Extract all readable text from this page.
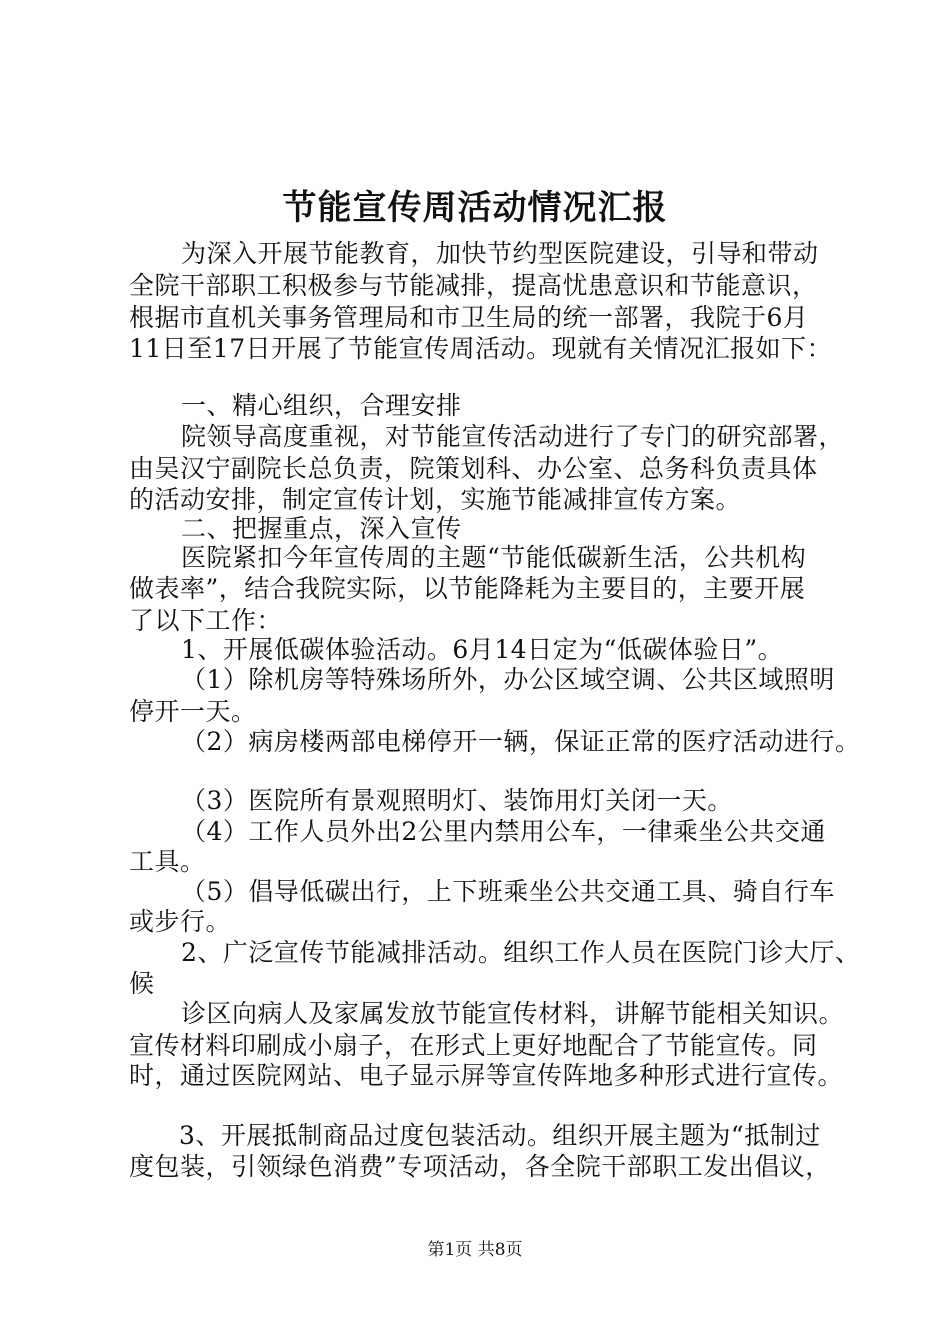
节能宣传周活动情况汇报
为深入开展节能教育，加快节约型医院建设，引导和带动
全院干部职工积极参与节能减排，提高忧患意识和节能意识，
根据市直机关事务管理局和市卫生局的统一部署，我院于6月
11日至17日开展了节能宣传周活动。现就有关情况汇报如下：
一、精心组织，合理安排
院领导高度重视，对节能宣传活动进行了专门的研究部署，
由吴汉宁副院长总负责，院策划科、办公室、总务科负责具体
的活动安排，制定宣传计划，实施节能减排宣传方案。
二、把握重点，深入宣传
医院紧扣今年宣传周的主题“节能低碳新生活，公共机构
做表率”，结合我院实际，以节能降耗为主要目的，主要开展
了以下工作：
1、开展低碳体验活动。6月14日定为“低碳体验日”。
（1）除机房等特殊场所外，办公区域空调、公共区域照明
停开一天。
（2）病房楼两部电梯停开一辆，保证正常的医疗活动进行。
（3）医院所有景观照明灯、装饰用灯关闭一天。
（4）工作人员外出2公里内禁用公车，一律乘坐公共交通
工具。
（5）倡导低碳出行，上下班乘坐公共交通工具、骑自行车
或步行。
2、广泛宣传节能减排活动。组织工作人员在医院门诊大厅、
候
诊区向病人及家属发放节能宣传材料，讲解节能相关知识。
宣传材料印刷成小扇子，在形式上更好地配合了节能宣传。同
时，通过医院网站、电子显示屏等宣传阵地多种形式进行宣传。
3、开展抵制商品过度包装活动。组织开展主题为“抵制过
度包装，引领绿色消费”专项活动，各全院干部职工发出倡议，
第1页 共8页
